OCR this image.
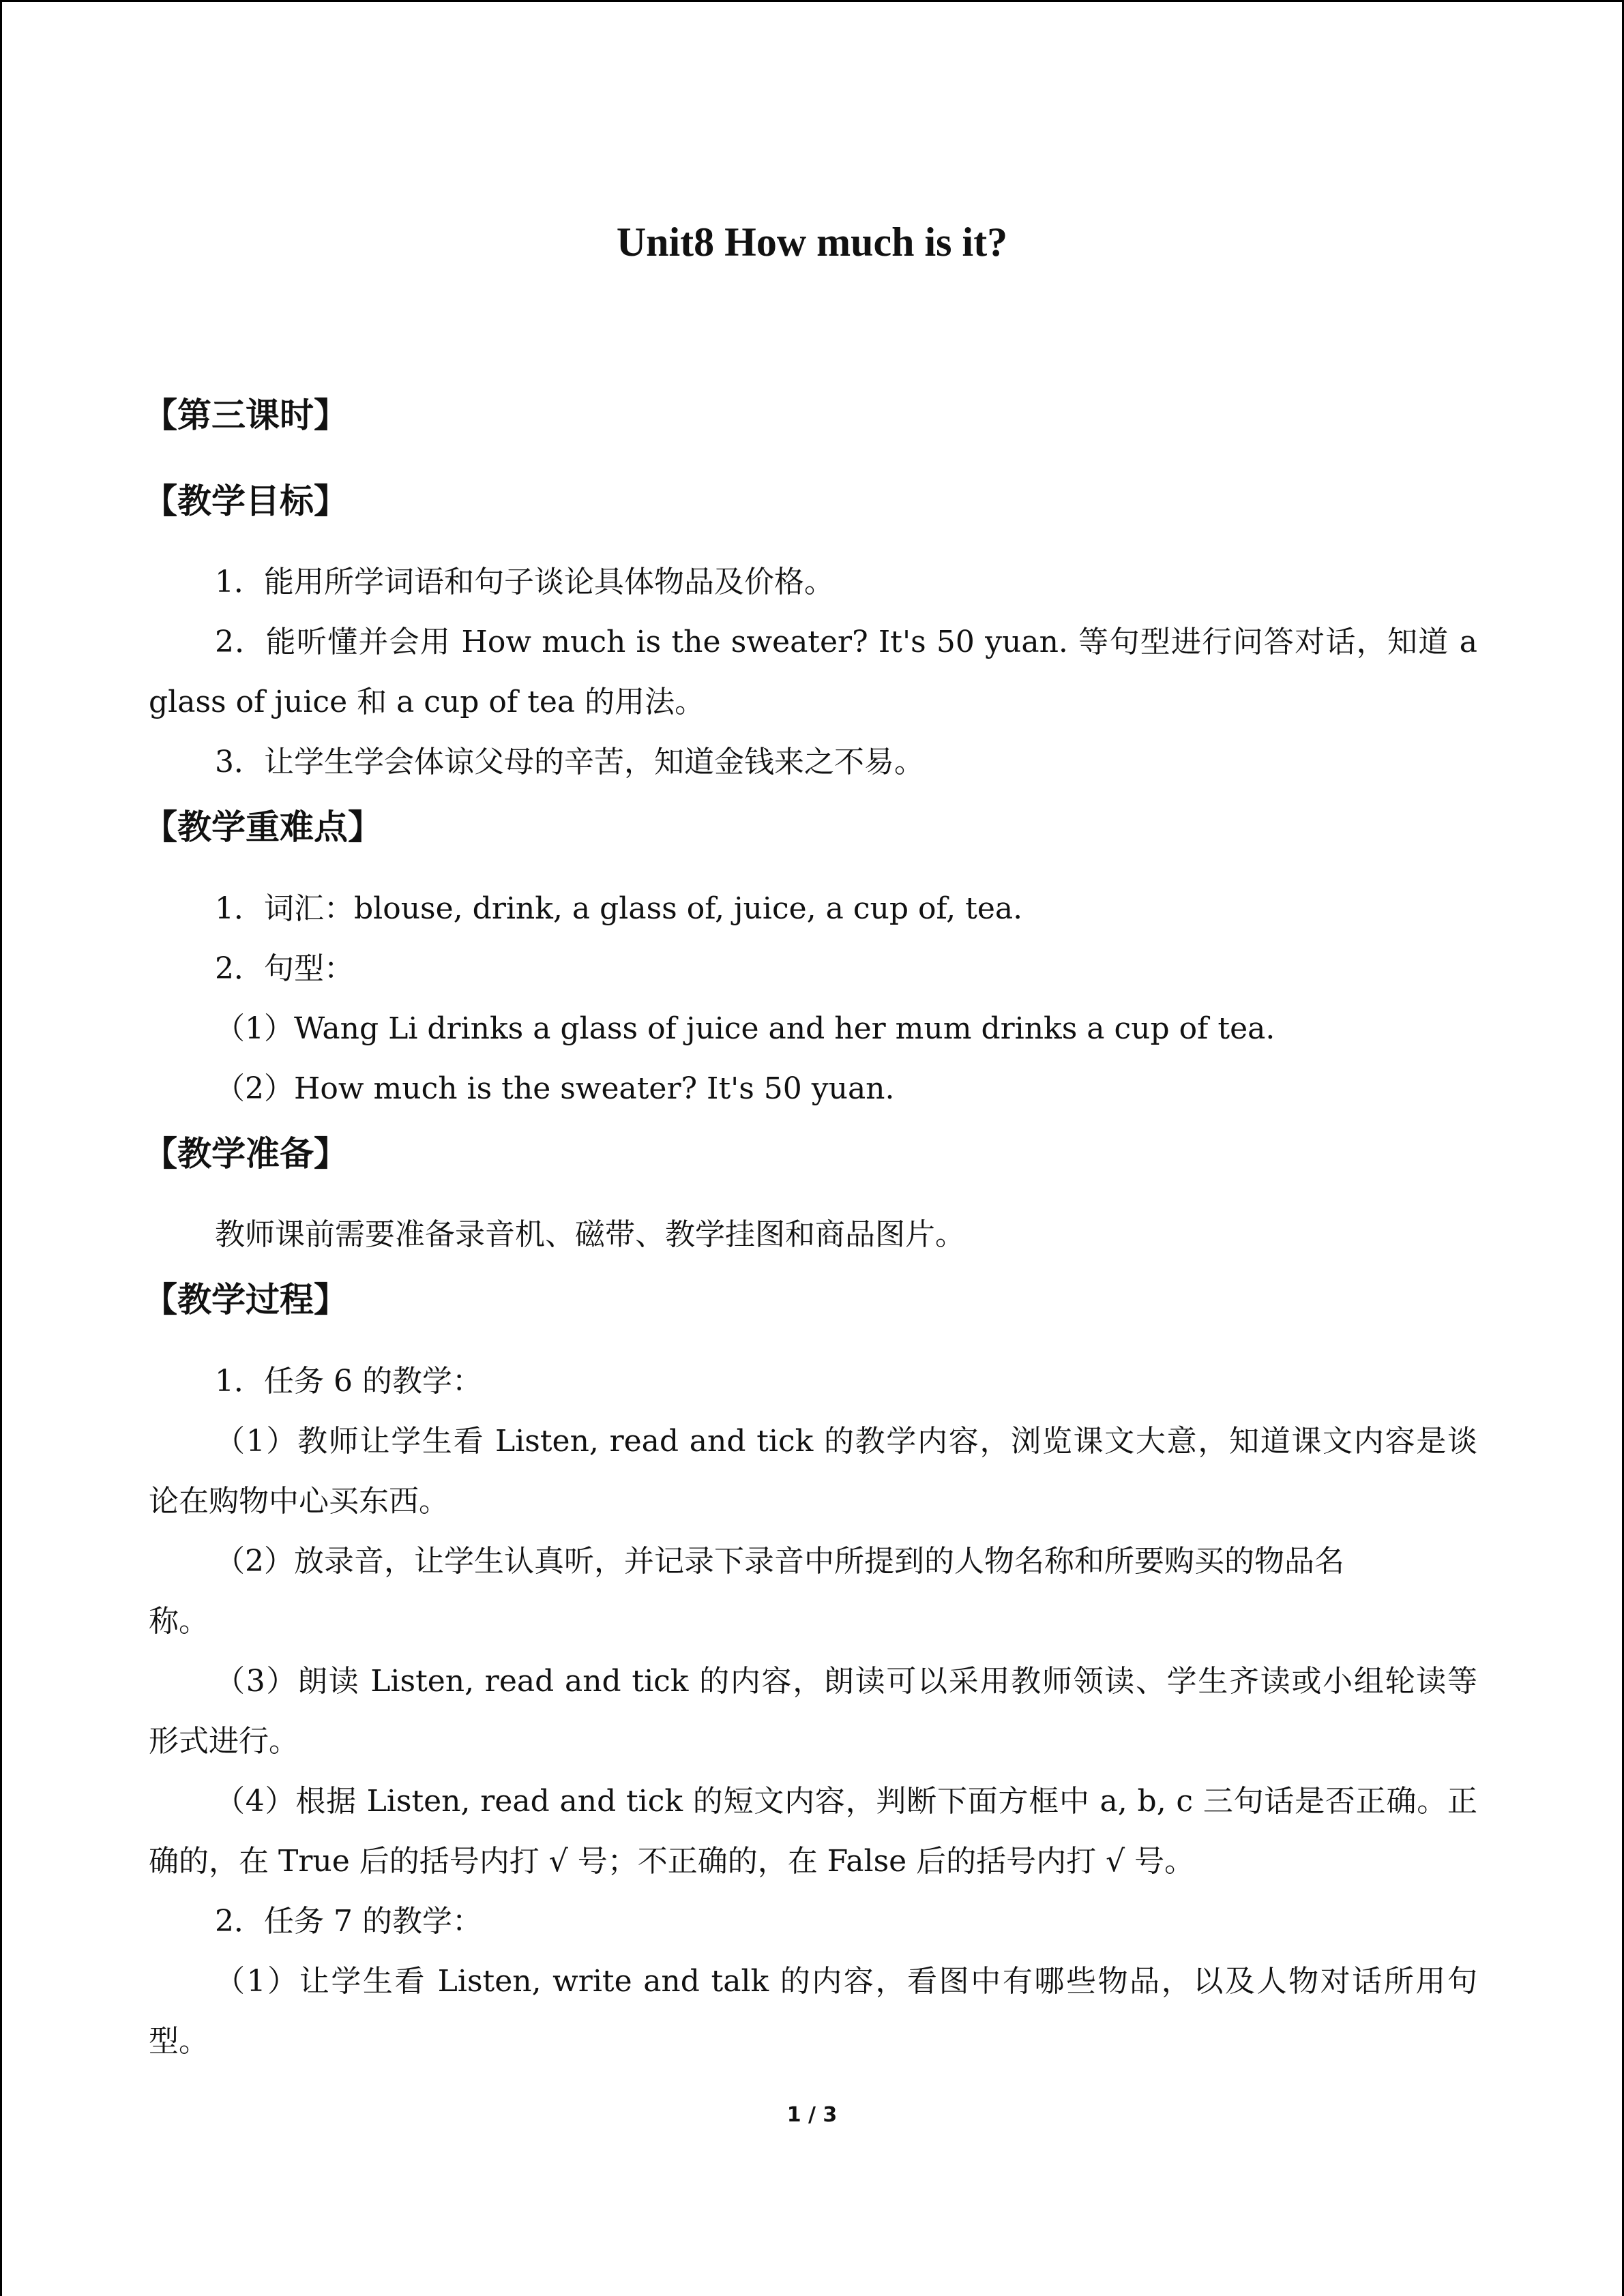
Unit8 How much is it?
【第三课时】
【教学目标】
1．能用所学词语和句子谈论具体物品及价格。
2．能听懂并会用 How much is the sweater? It's 50 yuan. 等句型进行问答对话，知道 a
glass of juice 和 a cup of tea 的用法。
3．让学生学会体谅父母的辛苦，知道金钱来之不易。
【教学重难点】
1．词汇：blouse, drink, a glass of, juice, a cup of, tea.
2．句型：
（1）Wang Li drinks a glass of juice and her mum drinks a cup of tea.
（2）How much is the sweater? It's 50 yuan.
【教学准备】
教师课前需要准备录音机、磁带、教学挂图和商品图片。
【教学过程】
1．任务 6 的教学：
（1）教师让学生看 Listen, read and tick 的教学内容，浏览课文大意，知道课文内容是谈
论在购物中心买东西。
（2）放录音，让学生认真听，并记录下录音中所提到的人物名称和所要购买的物品名
称。
（3）朗读 Listen, read and tick 的内容，朗读可以采用教师领读、学生齐读或小组轮读等
形式进行。
（4）根据 Listen, read and tick 的短文内容，判断下面方框中 a, b, c 三句话是否正确。正
确的，在 True 后的括号内打 √ 号；不正确的，在 False 后的括号内打 √ 号。
2．任务 7 的教学：
（1）让学生看 Listen, write and talk 的内容，看图中有哪些物品，以及人物对话所用句
型。
1 / 3
